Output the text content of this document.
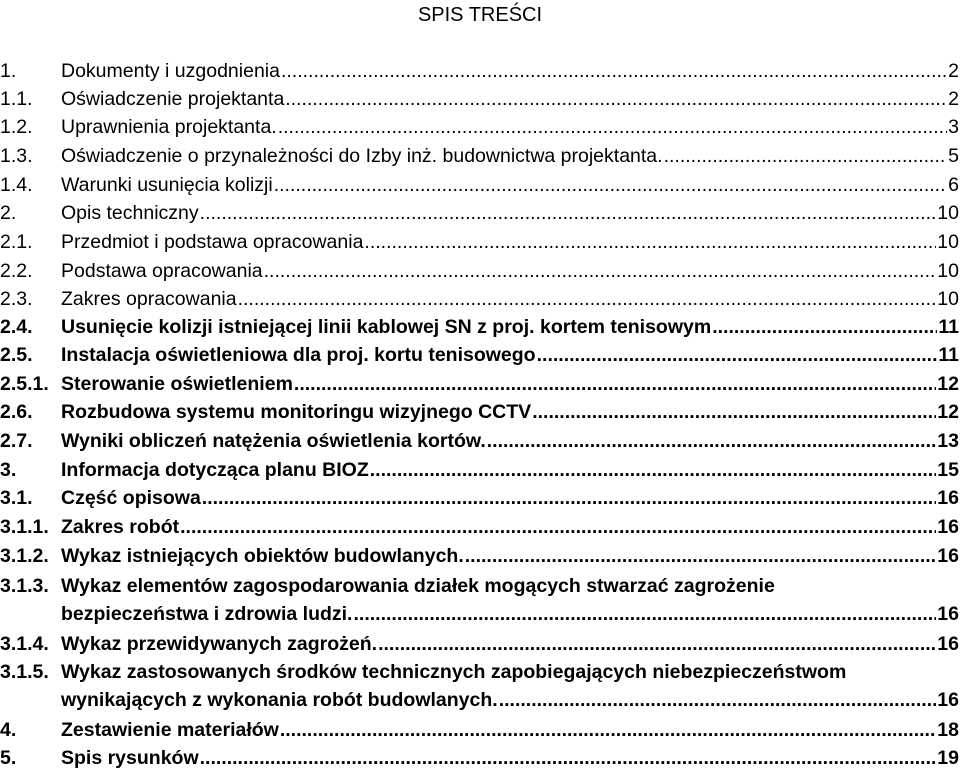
SPIS TREŚCI
1.	Dokumenty i uzgodnienia .....	2
1.1.	Oświadczenie projektanta .....	2
1.2.	Uprawnienia projektanta. .....	3
1.3.	Oświadczenie o przynależności do Izby inż. budownictwa projektanta. .....	5
1.4.	Warunki usunięcia kolizji .....	6
2.	Opis techniczny .....	10
2.1.	Przedmiot i podstawa opracowania .....	10
2.2.	Podstawa opracowania .....	10
2.3.	Zakres opracowania .....	10
2.4.	Usunięcie kolizji istniejącej linii kablowej SN z proj. kortem tenisowym .....	11
2.5.	Instalacja oświetleniowa dla proj. kortu tenisowego .....	11
2.5.1. Sterowanie oświetleniem .....	12
2.6.	Rozbudowa systemu monitoringu wizyjnego CCTV .....	12
2.7.	Wyniki obliczeń natężenia oświetlenia kortów. .....	13
3.	Informacja dotycząca planu BIOZ .....	15
3.1.	Część opisowa .....	16
3.1.1. Zakres robót .....	16
3.1.2. Wykaz istniejących obiektów budowlanych. .....	16
3.1.3. Wykaz elementów zagospodarowania działek mogących stwarzać zagrożenie
bezpieczeństwa i zdrowia ludzi. .....	16
3.1.4. Wykaz przewidywanych zagrożeń. .....	16
3.1.5. Wykaz zastosowanych środków technicznych zapobiegających niebezpieczeństwom
wynikających z wykonania robót budowlanych. .....	16
4.	Zestawienie materiałów .....	18
5.	Spis rysunków .....	19
